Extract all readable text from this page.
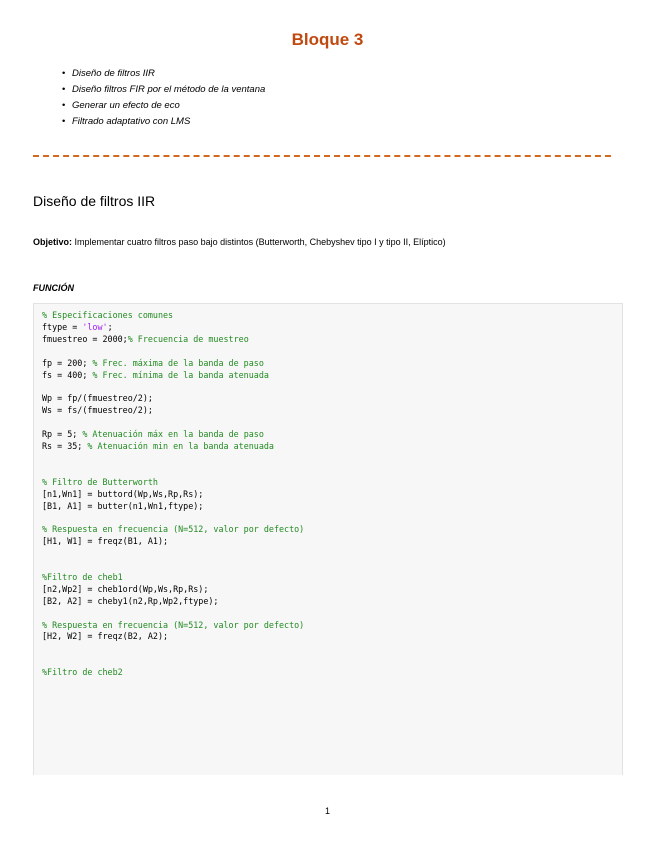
Bloque 3
• Diseño de filtros IIR
• Diseño filtros FIR por el método de la ventana
• Generar un efecto de eco
• Filtrado adaptativo con LMS
Diseño de filtros IIR
Objetivo: Implementar cuatro filtros paso bajo distintos (Butterworth, Chebyshev tipo I y tipo II, Elíptico)
FUNCIÓN
% Especificaciones comunes
ftype = 'low';
fmuestreo = 2000;% Frecuencia de muestreo

fp = 200; % Frec. máxima de la banda de paso
fs = 400; % Frec. mínima de la banda atenuada

Wp = fp/(fmuestreo/2);
Ws = fs/(fmuestreo/2);

Rp = 5; % Atenuación máx en la banda de paso
Rs = 35; % Atenuación min en la banda atenuada

% Filtro de Butterworth
[n1,Wn1] = buttord(Wp,Ws,Rp,Rs);
[B1, A1] = butter(n1,Wn1,ftype);

% Respuesta en frecuencia (N=512, valor por defecto)
[H1, W1] = freqz(B1, A1);

%Filtro de cheb1
[n2,Wp2] = cheb1ord(Wp,Ws,Rp,Rs);
[B2, A2] = cheby1(n2,Rp,Wp2,ftype);

% Respuesta en frecuencia (N=512, valor por defecto)
[H2, W2] = freqz(B2, A2);

%Filtro de cheb2
1
